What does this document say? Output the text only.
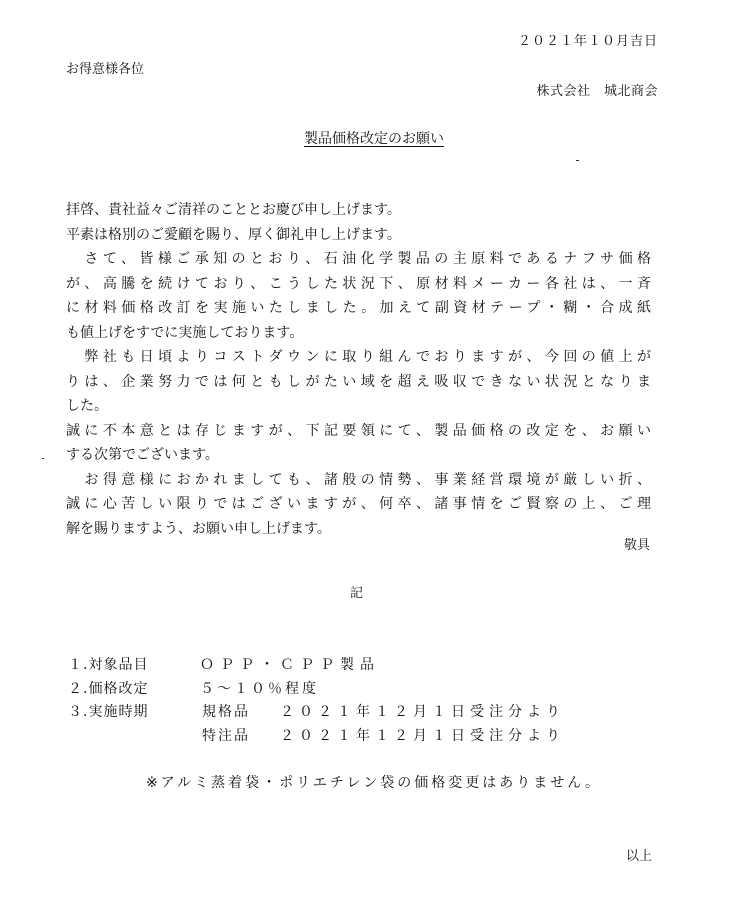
２０２１年１０月吉日
お得意様各位
株式会社　城北商会
製品価格改定のお願い
拝啓、貴社益々ご清祥のこととお慶び申し上げます。
平素は格別のご愛顧を賜り、厚く御礼申し上げます。
　さて、皆様ご承知のとおり、石油化学製品の主原料であるナフサ価格
が、高騰を続けており、こうした状況下、原材料メーカー各社は、一斉
に材料価格改訂を実施いたしました。加えて副資材テープ・糊・合成紙
も値上げをすでに実施しております。
　弊社も日頃よりコストダウンに取り組んでおりますが、今回の値上が
りは、企業努力では何ともしがたい域を超え吸収できない状況となりま
した。
誠に不本意とは存じますが、下記要領にて、製品価格の改定を、お願い
する次第でございます。
　お得意様におかれましても、諸般の情勢、事業経営環境が厳しい折、
誠に心苦しい限りではございますが、何卒、諸事情をご賢察の上、ご理
解を賜りますよう、お願い申し上げます。
敬具
記
１.対象品目	ＯＰＰ・ＣＰＰ製品
２.価格改定	５～１０％程度
３.実施時期	規格品 ２０２１年１２月１日受注分より
特注品 ２０２１年１２月１日受注分より
※アルミ蒸着袋・ポリエチレン袋の価格変更はありません。
以上
